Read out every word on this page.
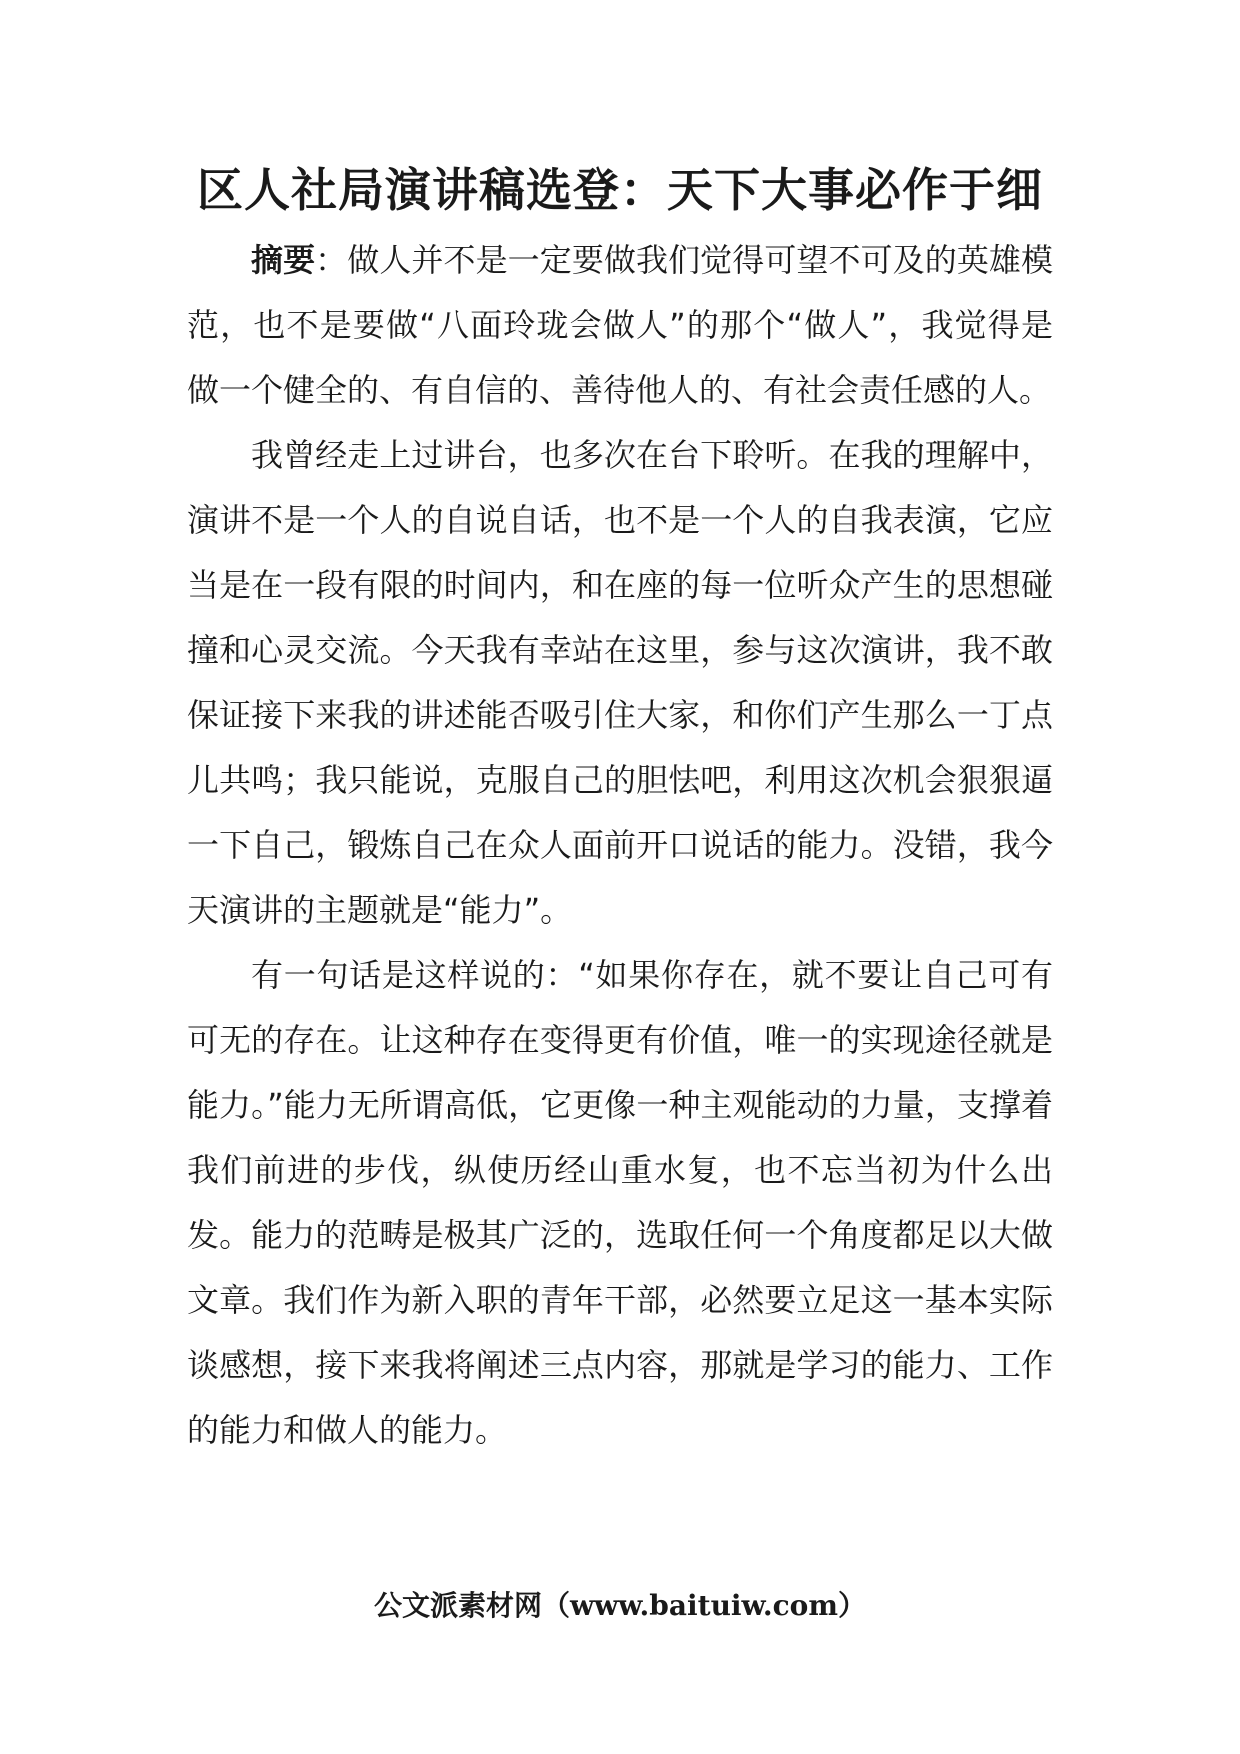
区人社局演讲稿选登：天下大事必作于细

摘要：做人并不是一定要做我们觉得可望不可及的英雄模范，也不是要做“八面玲珑会做人”的那个“做人”，我觉得是做一个健全的、有自信的、善待他人的、有社会责任感的人。

我曾经走上过讲台，也多次在台下聆听。在我的理解中，演讲不是一个人的自说自话，也不是一个人的自我表演，它应当是在一段有限的时间内，和在座的每一位听众产生的思想碰撞和心灵交流。今天我有幸站在这里，参与这次演讲，我不敢保证接下来我的讲述能否吸引住大家，和你们产生那么一丁点儿共鸣；我只能说，克服自己的胆怯吧，利用这次机会狠狠逼一下自己，锻炼自己在众人面前开口说话的能力。没错，我今天演讲的主题就是“能力”。

有一句话是这样说的：“如果你存在，就不要让自己可有可无的存在。让这种存在变得更有价值，唯一的实现途径就是能力。”能力无所谓高低，它更像一种主观能动的力量，支撑着我们前进的步伐，纵使历经山重水复，也不忘当初为什么出发。能力的范畴是极其广泛的，选取任何一个角度都足以大做文章。我们作为新入职的青年干部，必然要立足这一基本实际谈感想，接下来我将阐述三点内容，那就是学习的能力、工作的能力和做人的能力。

公文派素材网（www.baituiw.com）
